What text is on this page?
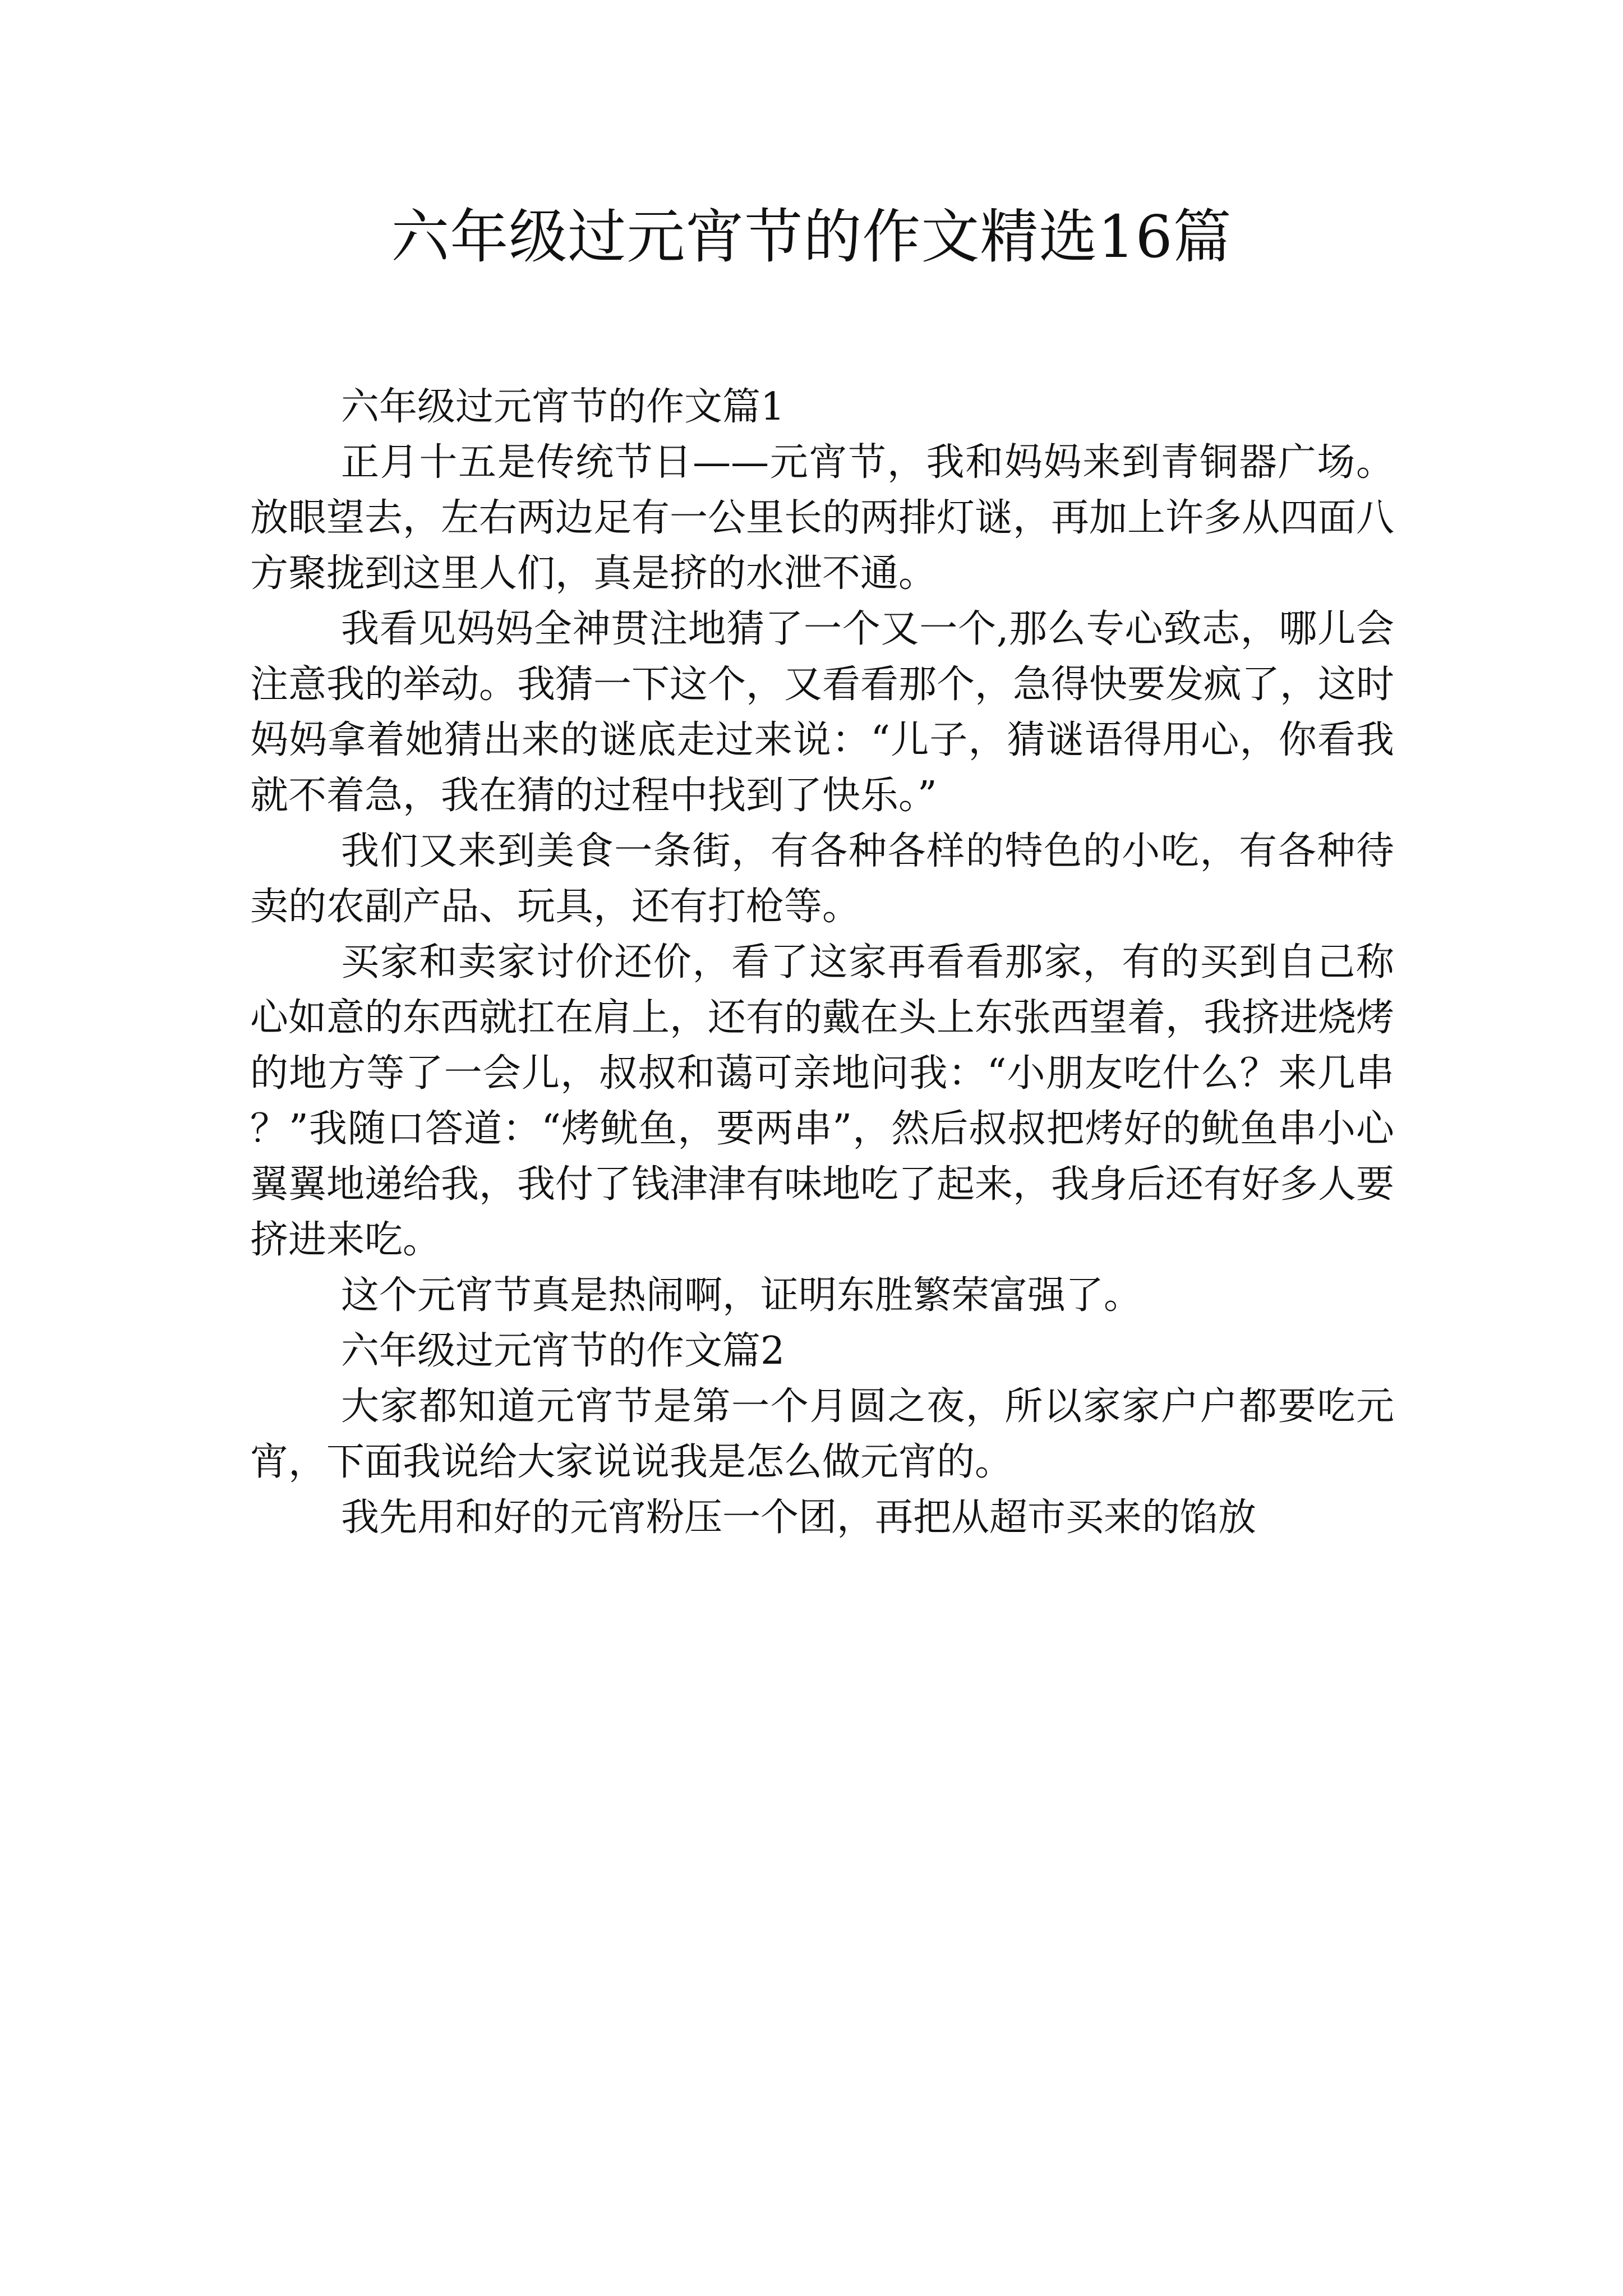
六年级过元宵节的作文精选16篇

六年级过元宵节的作文篇1

正月十五是传统节日——元宵节，我和妈妈来到青铜器广场。放眼望去，左右两边足有一公里长的两排灯谜，再加上许多从四面八方聚拢到这里人们，真是挤的水泄不通。

我看见妈妈全神贯注地猜了一个又一个,那么专心致志，哪儿会注意我的举动。我猜一下这个，又看看那个，急得快要发疯了，这时妈妈拿着她猜出来的谜底走过来说：“儿子，猜谜语得用心，你看我就不着急，我在猜的过程中找到了快乐。”

我们又来到美食一条街，有各种各样的特色的小吃，有各种待卖的农副产品、玩具，还有打枪等。

买家和卖家讨价还价，看了这家再看看那家，有的买到自己称心如意的东西就扛在肩上，还有的戴在头上东张西望着，我挤进烧烤的地方等了一会儿，叔叔和蔼可亲地问我：“小朋友吃什么？来几串？”我随口答道：“烤鱿鱼，要两串”，然后叔叔把烤好的鱿鱼串小心翼翼地递给我，我付了钱津津有味地吃了起来，我身后还有好多人要挤进来吃。

这个元宵节真是热闹啊，证明东胜繁荣富强了。

六年级过元宵节的作文篇2

大家都知道元宵节是第一个月圆之夜，所以家家户户都要吃元宵，下面我说给大家说说我是怎么做元宵的。

我先用和好的元宵粉压一个团，再把从超市买来的馅放
